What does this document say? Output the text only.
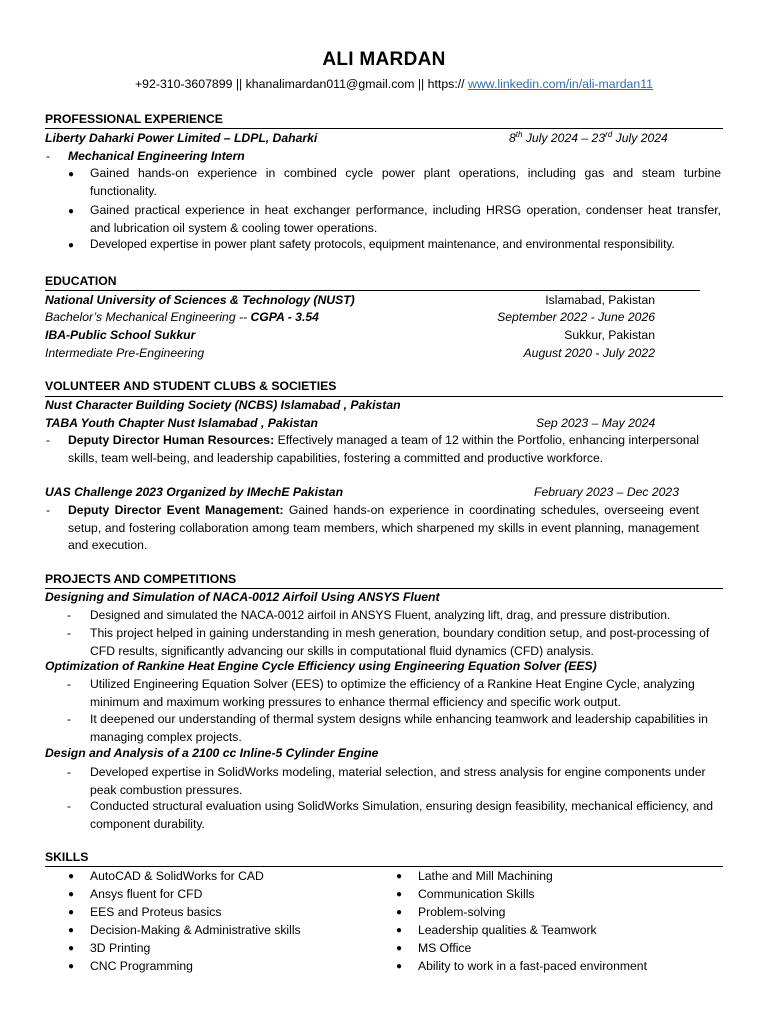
ALI MARDAN
+92-310-3607899 || khanalimardan011@gmail.com || https:// www.linkedin.com/in/ali-mardan11
PROFESSIONAL EXPERIENCE
Liberty Daharki Power Limited – LDPL, Daharki	8th July 2024 – 23rd July 2024
- Mechanical Engineering Intern
● Gained hands-on experience in combined cycle power plant operations, including gas and steam turbine functionality.
● Gained practical experience in heat exchanger performance, including HRSG operation, condenser heat transfer, and lubrication oil system & cooling tower operations.
● Developed expertise in power plant safety protocols, equipment maintenance, and environmental responsibility.
EDUCATION
National University of Sciences & Technology (NUST)	Islamabad, Pakistan
Bachelor’s Mechanical Engineering -- CGPA - 3.54	September 2022 - June 2026
IBA-Public School Sukkur	Sukkur, Pakistan
Intermediate Pre-Engineering	August 2020 - July 2022
VOLUNTEER AND STUDENT CLUBS & SOCIETIES
Nust Character Building Society (NCBS) Islamabad , Pakistan
TABA Youth Chapter Nust Islamabad , Pakistan	Sep 2023 – May 2024
- Deputy Director Human Resources: Effectively managed a team of 12 within the Portfolio, enhancing interpersonal skills, team well-being, and leadership capabilities, fostering a committed and productive workforce.
UAS Challenge 2023 Organized by IMechE Pakistan	February 2023 – Dec 2023
- Deputy Director Event Management: Gained hands-on experience in coordinating schedules, overseeing event setup, and fostering collaboration among team members, which sharpened my skills in event planning, management and execution.
PROJECTS AND COMPETITIONS
Designing and Simulation of NACA-0012 Airfoil Using ANSYS Fluent
- Designed and simulated the NACA-0012 airfoil in ANSYS Fluent, analyzing lift, drag, and pressure distribution.
- This project helped in gaining understanding in mesh generation, boundary condition setup, and post-processing of CFD results, significantly advancing our skills in computational fluid dynamics (CFD) analysis.
Optimization of Rankine Heat Engine Cycle Efficiency using Engineering Equation Solver (EES)
- Utilized Engineering Equation Solver (EES) to optimize the efficiency of a Rankine Heat Engine Cycle, analyzing minimum and maximum working pressures to enhance thermal efficiency and specific work output.
- It deepened our understanding of thermal system designs while enhancing teamwork and leadership capabilities in managing complex projects.
Design and Analysis of a 2100 cc Inline-5 Cylinder Engine
- Developed expertise in SolidWorks modeling, material selection, and stress analysis for engine components under peak combustion pressures.
- Conducted structural evaluation using SolidWorks Simulation, ensuring design feasibility, mechanical efficiency, and component durability.
SKILLS
● AutoCAD & SolidWorks for CAD
● Ansys fluent for CFD
● EES and Proteus basics
● Decision-Making & Administrative skills
● 3D Printing
● CNC Programming
● Lathe and Mill Machining
● Communication Skills
● Problem-solving
● Leadership qualities & Teamwork
● MS Office
● Ability to work in a fast-paced environment
